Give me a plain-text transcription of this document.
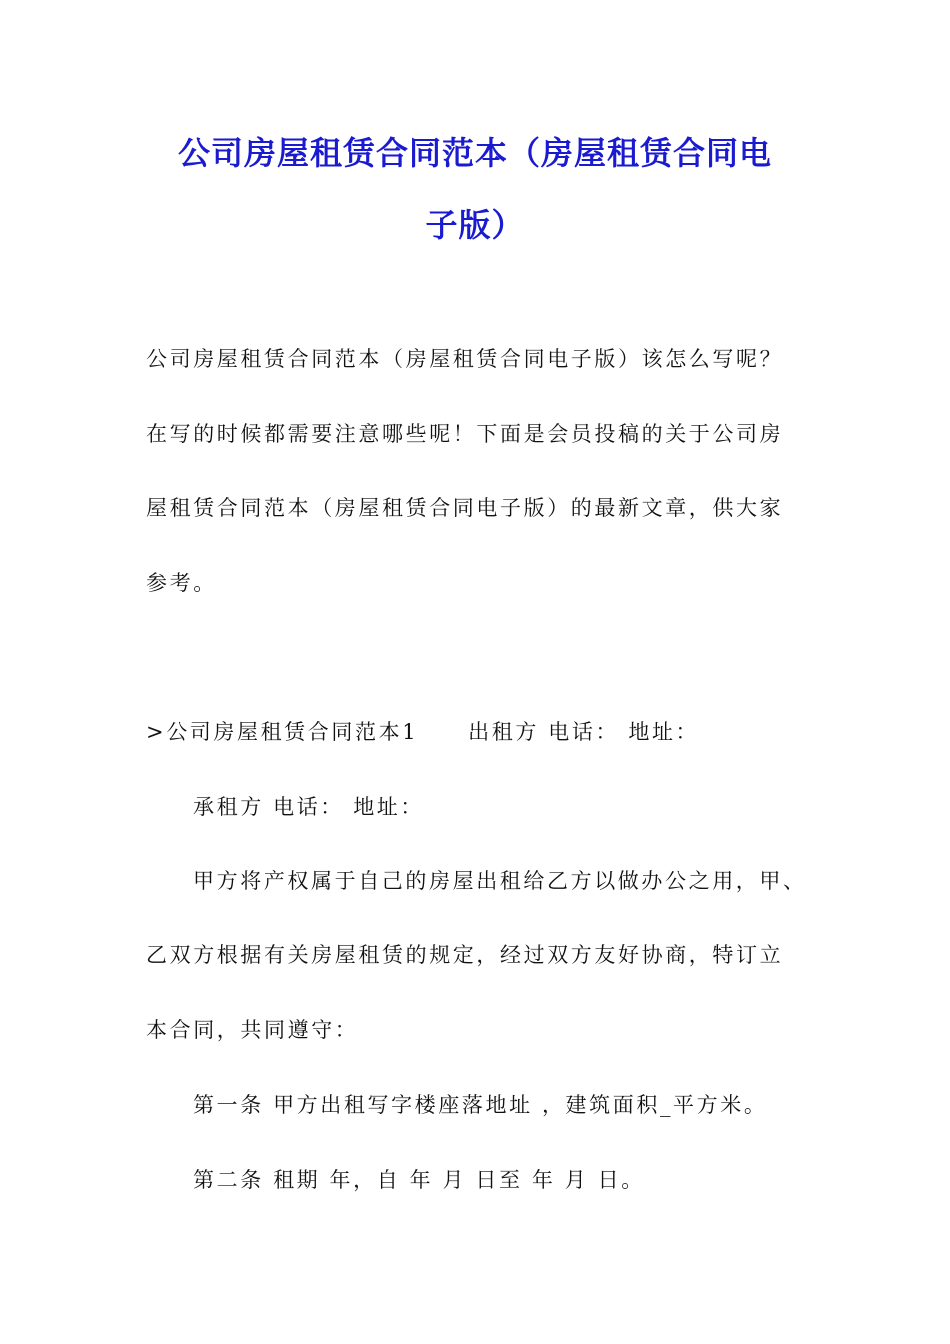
公司房屋租赁合同范本（房屋租赁合同电
子版）
公司房屋租赁合同范本（房屋租赁合同电子版）该怎么写呢？
在写的时候都需要注意哪些呢！下面是会员投稿的关于公司房
屋租赁合同范本（房屋租赁合同电子版）的最新文章，供大家
参考。
>公司房屋租赁合同范本1 出租方 电话： 地址：
承租方 电话： 地址：
甲方将产权属于自己的房屋出租给乙方以做办公之用，甲、
乙双方根据有关房屋租赁的规定，经过双方友好协商，特订立
本合同，共同遵守：
第一条 甲方出租写字楼座落地址 ，建筑面积_平方米。
第二条 租期 年，自 年 月 日至 年 月 日。
